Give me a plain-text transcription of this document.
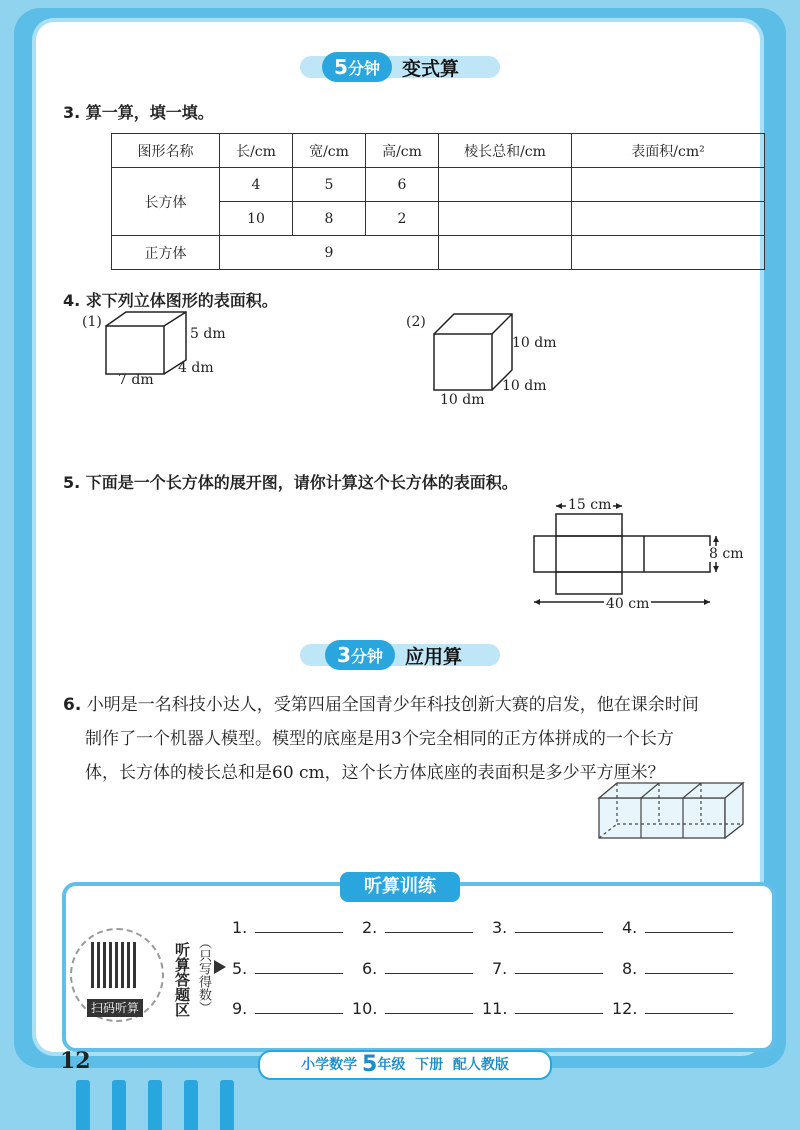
5分钟	变式算
3. 算一算，填一填。
图形名称	长/cm	宽/cm	高/cm	棱长总和/cm	表面积/cm²
长方体	4	5	6		
	10	8	2		
正方体	9				
4. 求下列立体图形的表面积。
(1)
5 dm
4 dm
7 dm
(2)
10 dm
10 dm
10 dm
5. 下面是一个长方体的展开图，请你计算这个长方体的表面积。
15 cm
8 cm
40 cm
3分钟	应用算

6. 小明是一名科技小达人，受第四届全国青少年科技创新大赛的启发，他在课余时间

制作了一个机器人模型。模型的底座是用3个完全相同的正方体拼成的一个长方

体，长方体的棱长总和是60 cm，这个长方体底座的表面积是多少平方厘米？

听算训练
扫码听算 听算答题区 （只写得数）
1.	2.	3.	4.
5.	6.	7.	8.
9.	10.	11.	12.
12	小学数学 5年级 下册 配人教版
